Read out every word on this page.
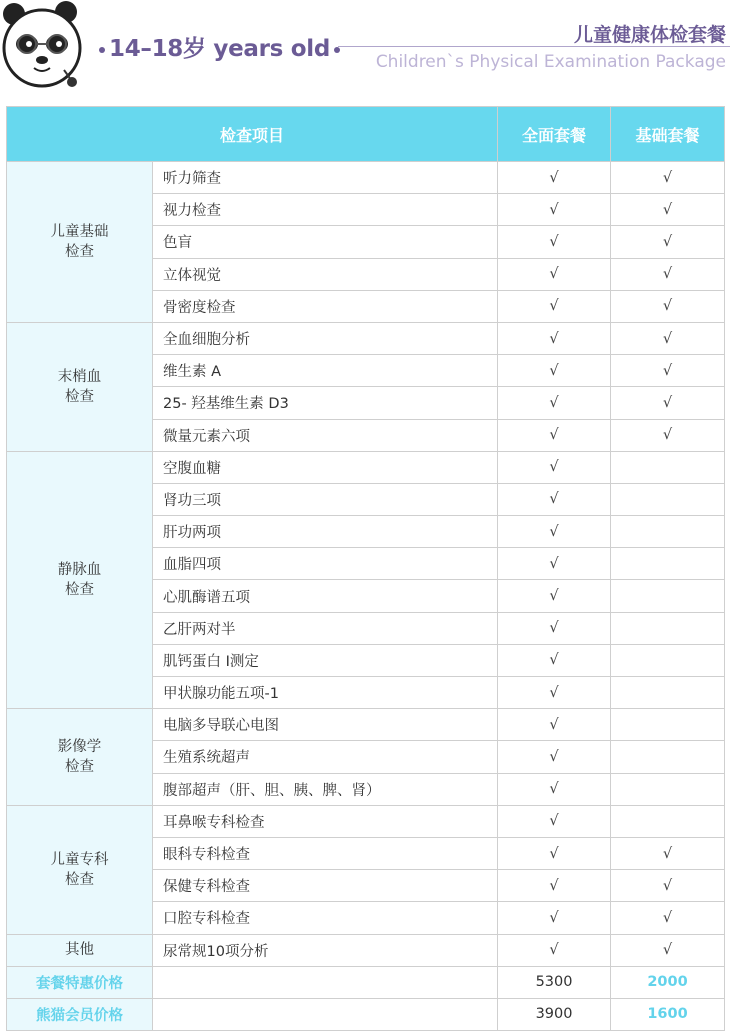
14–18岁 years old
儿童健康体检套餐
Children`s Physical Examination Package
检查项目		全面套餐	基础套餐
儿童基础
检查	听力筛查	√	√
	视力检查	√	√
	色盲	√	√
	立体视觉	√	√
	骨密度检查	√	√
末梢血
检查	全血细胞分析	√	√
	维生素 A	√	√
	25- 羟基维生素 D3	√	√
	微量元素六项	√	√
静脉血
检查	空腹血糖	√	
	肾功三项	√	
	肝功两项	√	
	血脂四项	√	
	心肌酶谱五项	√	
	乙肝两对半	√	
	肌钙蛋白 I测定	√	
	甲状腺功能五项-1	√	
影像学
检查	电脑多导联心电图	√	
	生殖系统超声	√	
	腹部超声（肝、胆、胰、脾、肾）	√	
儿童专科
检查	耳鼻喉专科检查	√	
	眼科专科检查	√	√
	保健专科检查	√	√
	口腔专科检查	√	√
其他	尿常规10项分析	√	√
套餐特惠价格		5300	2000
熊猫会员价格		3900	1600
